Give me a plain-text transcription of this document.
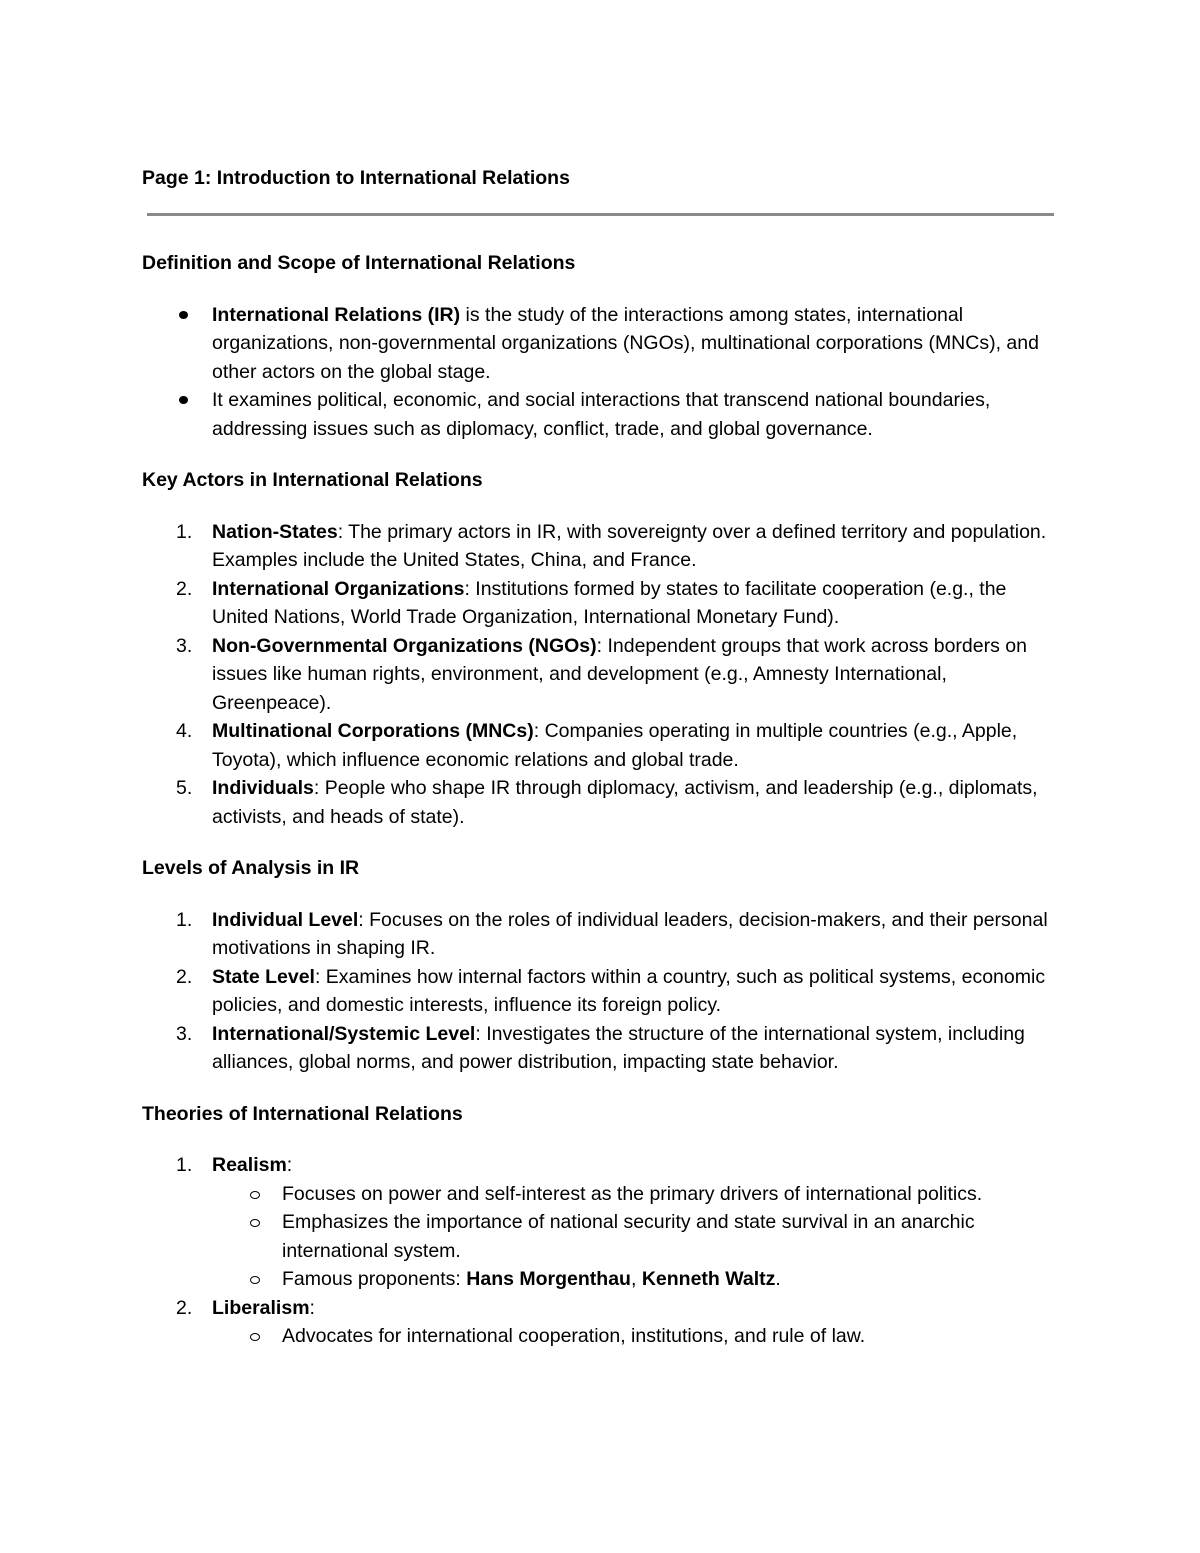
Page 1: Introduction to International Relations

Definition and Scope of International Relations

International Relations (IR) is the study of the interactions among states, international organizations, non-governmental organizations (NGOs), multinational corporations (MNCs), and other actors on the global stage.
It examines political, economic, and social interactions that transcend national boundaries, addressing issues such as diplomacy, conflict, trade, and global governance.

Key Actors in International Relations

1.	Nation-States: The primary actors in IR, with sovereignty over a defined territory and population. Examples include the United States, China, and France.
2.	International Organizations: Institutions formed by states to facilitate cooperation (e.g., the United Nations, World Trade Organization, International Monetary Fund).
3.	Non-Governmental Organizations (NGOs): Independent groups that work across borders on issues like human rights, environment, and development (e.g., Amnesty International, Greenpeace).
4.	Multinational Corporations (MNCs): Companies operating in multiple countries (e.g., Apple, Toyota), which influence economic relations and global trade.
5.	Individuals: People who shape IR through diplomacy, activism, and leadership (e.g., diplomats, activists, and heads of state).

Levels of Analysis in IR

1.	Individual Level: Focuses on the roles of individual leaders, decision-makers, and their personal motivations in shaping IR.
2.	State Level: Examines how internal factors within a country, such as political systems, economic policies, and domestic interests, influence its foreign policy.
3.	International/Systemic Level: Investigates the structure of the international system, including alliances, global norms, and power distribution, impacting state behavior.

Theories of International Relations

1.	Realism:
Focuses on power and self-interest as the primary drivers of international politics.
Emphasizes the importance of national security and state survival in an anarchic international system.
Famous proponents: Hans Morgenthau, Kenneth Waltz.
2.	Liberalism:
Advocates for international cooperation, institutions, and rule of law.
